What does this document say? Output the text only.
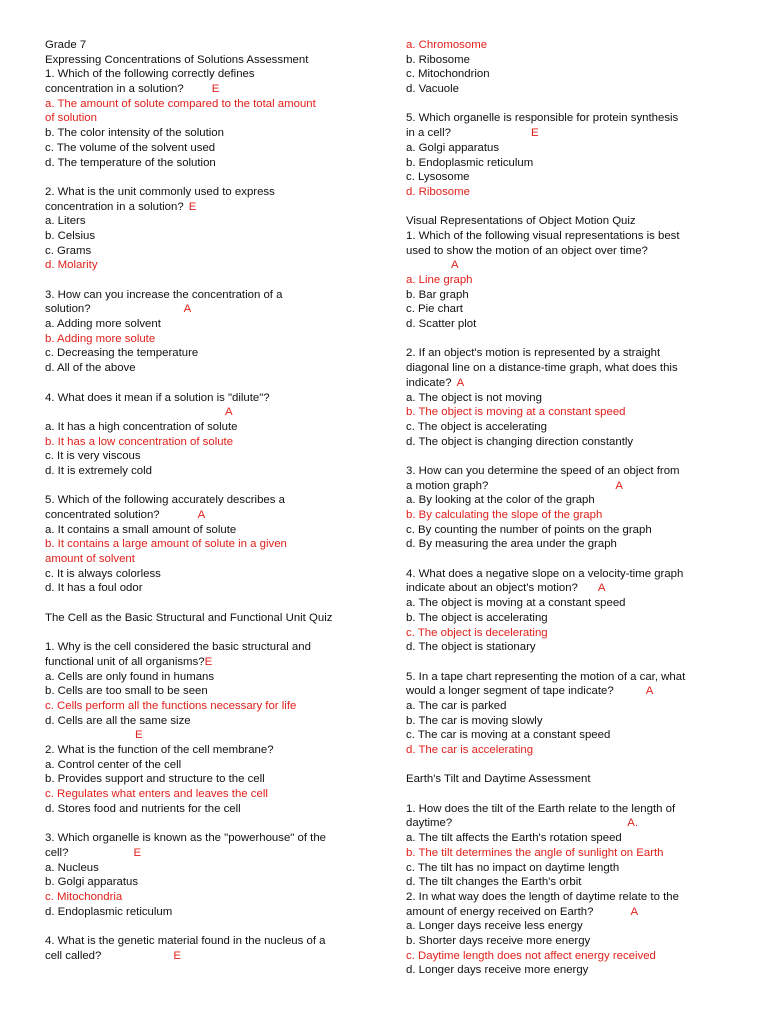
Grade 7
Expressing Concentrations of Solutions Assessment
1. Which of the following correctly defines
concentration in a solution? E
a. The amount of solute compared to the total amount
of solution
b. The color intensity of the solution
c. The volume of the solvent used
d. The temperature of the solution
2. What is the unit commonly used to express
concentration in a solution? E
a. Liters
b. Celsius
c. Grams
d. Molarity
3. How can you increase the concentration of a
solution?	A
a. Adding more solvent
b. Adding more solute
c. Decreasing the temperature
d. All of the above
4. What does it mean if a solution is "dilute"?
A
a. It has a high concentration of solute
b. It has a low concentration of solute
c. It is very viscous
d. It is extremely cold
5. Which of the following accurately describes a
concentrated solution?	A
a. It contains a small amount of solute
b. It contains a large amount of solute in a given
amount of solvent
c. It is always colorless
d. It has a foul odor
The Cell as the Basic Structural and Functional Unit Quiz
1. Why is the cell considered the basic structural and
functional unit of all organisms?E
a. Cells are only found in humans
b. Cells are too small to be seen
c. Cells perform all the functions necessary for life
d. Cells are all the same size
E
2. What is the function of the cell membrane?
a. Control center of the cell
b. Provides support and structure to the cell
c. Regulates what enters and leaves the cell
d. Stores food and nutrients for the cell
3. Which organelle is known as the "powerhouse" of the
cell?	E
a. Nucleus
b. Golgi apparatus
c. Mitochondria
d. Endoplasmic reticulum
4. What is the genetic material found in the nucleus of a
cell called?	E
a. Chromosome
b. Ribosome
c. Mitochondrion
d. Vacuole
5. Which organelle is responsible for protein synthesis
in a cell?	E
a. Golgi apparatus
b. Endoplasmic reticulum
c. Lysosome
d. Ribosome
Visual Representations of Object Motion Quiz
1. Which of the following visual representations is best
used to show the motion of an object over time?
A
a. Line graph
b. Bar graph
c. Pie chart
d. Scatter plot
2. If an object's motion is represented by a straight
diagonal line on a distance-time graph, what does this
indicate? A
a. The object is not moving
b. The object is moving at a constant speed
c. The object is accelerating
d. The object is changing direction constantly
3. How can you determine the speed of an object from
a motion graph?	A
a. By looking at the color of the graph
b. By calculating the slope of the graph
c. By counting the number of points on the graph
d. By measuring the area under the graph
4. What does a negative slope on a velocity-time graph
indicate about an object's motion? A
a. The object is moving at a constant speed
b. The object is accelerating
c. The object is decelerating
d. The object is stationary
5. In a tape chart representing the motion of a car, what
would a longer segment of tape indicate?	A
a. The car is parked
b. The car is moving slowly
c. The car is moving at a constant speed
d. The car is accelerating
Earth's Tilt and Daytime Assessment
1. How does the tilt of the Earth relate to the length of
daytime?	A.
a. The tilt affects the Earth's rotation speed
b. The tilt determines the angle of sunlight on Earth
c. The tilt has no impact on daytime length
d. The tilt changes the Earth's orbit
2. In what way does the length of daytime relate to the
amount of energy received on Earth?	A
a. Longer days receive less energy
b. Shorter days receive more energy
c. Daytime length does not affect energy received
d. Longer days receive more energy
